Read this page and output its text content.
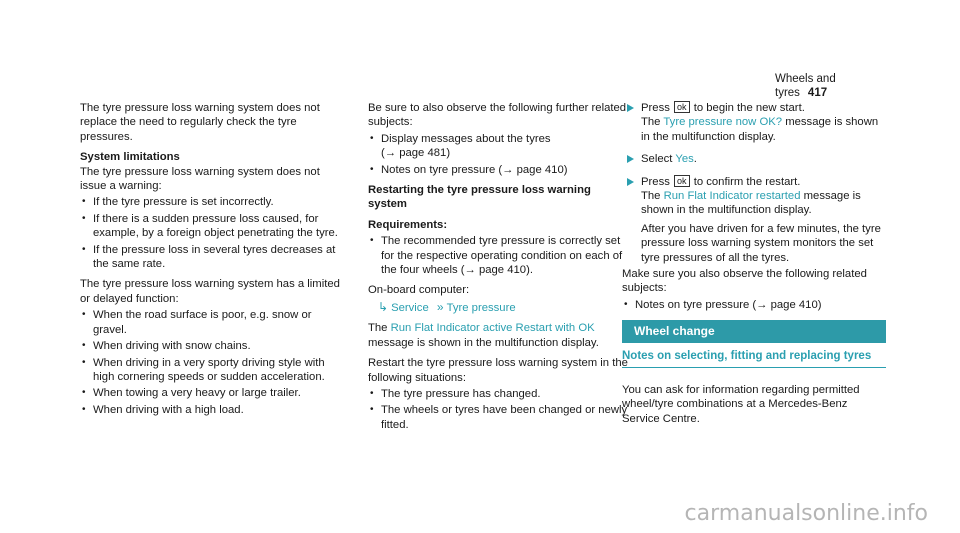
Wheels and tyres 417

The tyre pressure loss warning system does not replace the need to regularly check the tyre pressures.

System limitations

The tyre pressure loss warning system does not issue a warning:

• If the tyre pressure is set incorrectly.
• If there is a sudden pressure loss caused, for example, by a foreign object penetrating the tyre.
• If the pressure loss in several tyres decreases at the same rate.

The tyre pressure loss warning system has a limited or delayed function:

• When the road surface is poor, e.g. snow or gravel.
• When driving with snow chains.
• When driving in a very sporty driving style with high cornering speeds or sudden acceleration.
• When towing a very heavy or large trailer.
• When driving with a high load.

Be sure to also observe the following further related subjects:

• Display messages about the tyres
(→ page 481)
• Notes on tyre pressure (→ page 410)

Restarting the tyre pressure loss warning system

Requirements:

• The recommended tyre pressure is correctly set for the respective operating condition on each of the four wheels (→ page 410).

On-board computer:

↳ Service » Tyre pressure

The Run Flat Indicator active Restart with OK message is shown in the multifunction display.

Restart the tyre pressure loss warning system in the following situations:

• The tyre pressure has changed.
• The wheels or tyres have been changed or newly fitted.
Press ok to begin the new start.
The Tyre pressure now OK? message is shown in the multifunction display.
Select Yes.
Press ok to confirm the restart.
The Run Flat Indicator restarted message is shown in the multifunction display.

After you have driven for a few minutes, the tyre pressure loss warning system monitors the set tyre pressures of all the tyres.

Make sure you also observe the following related subjects:

• Notes on tyre pressure (→ page 410)
Wheel change
Notes on selecting, fitting and replacing tyres
You can ask for information regarding permitted wheel/tyre combinations at a Mercedes-Benz Service Centre.
carmanualsonline.info
